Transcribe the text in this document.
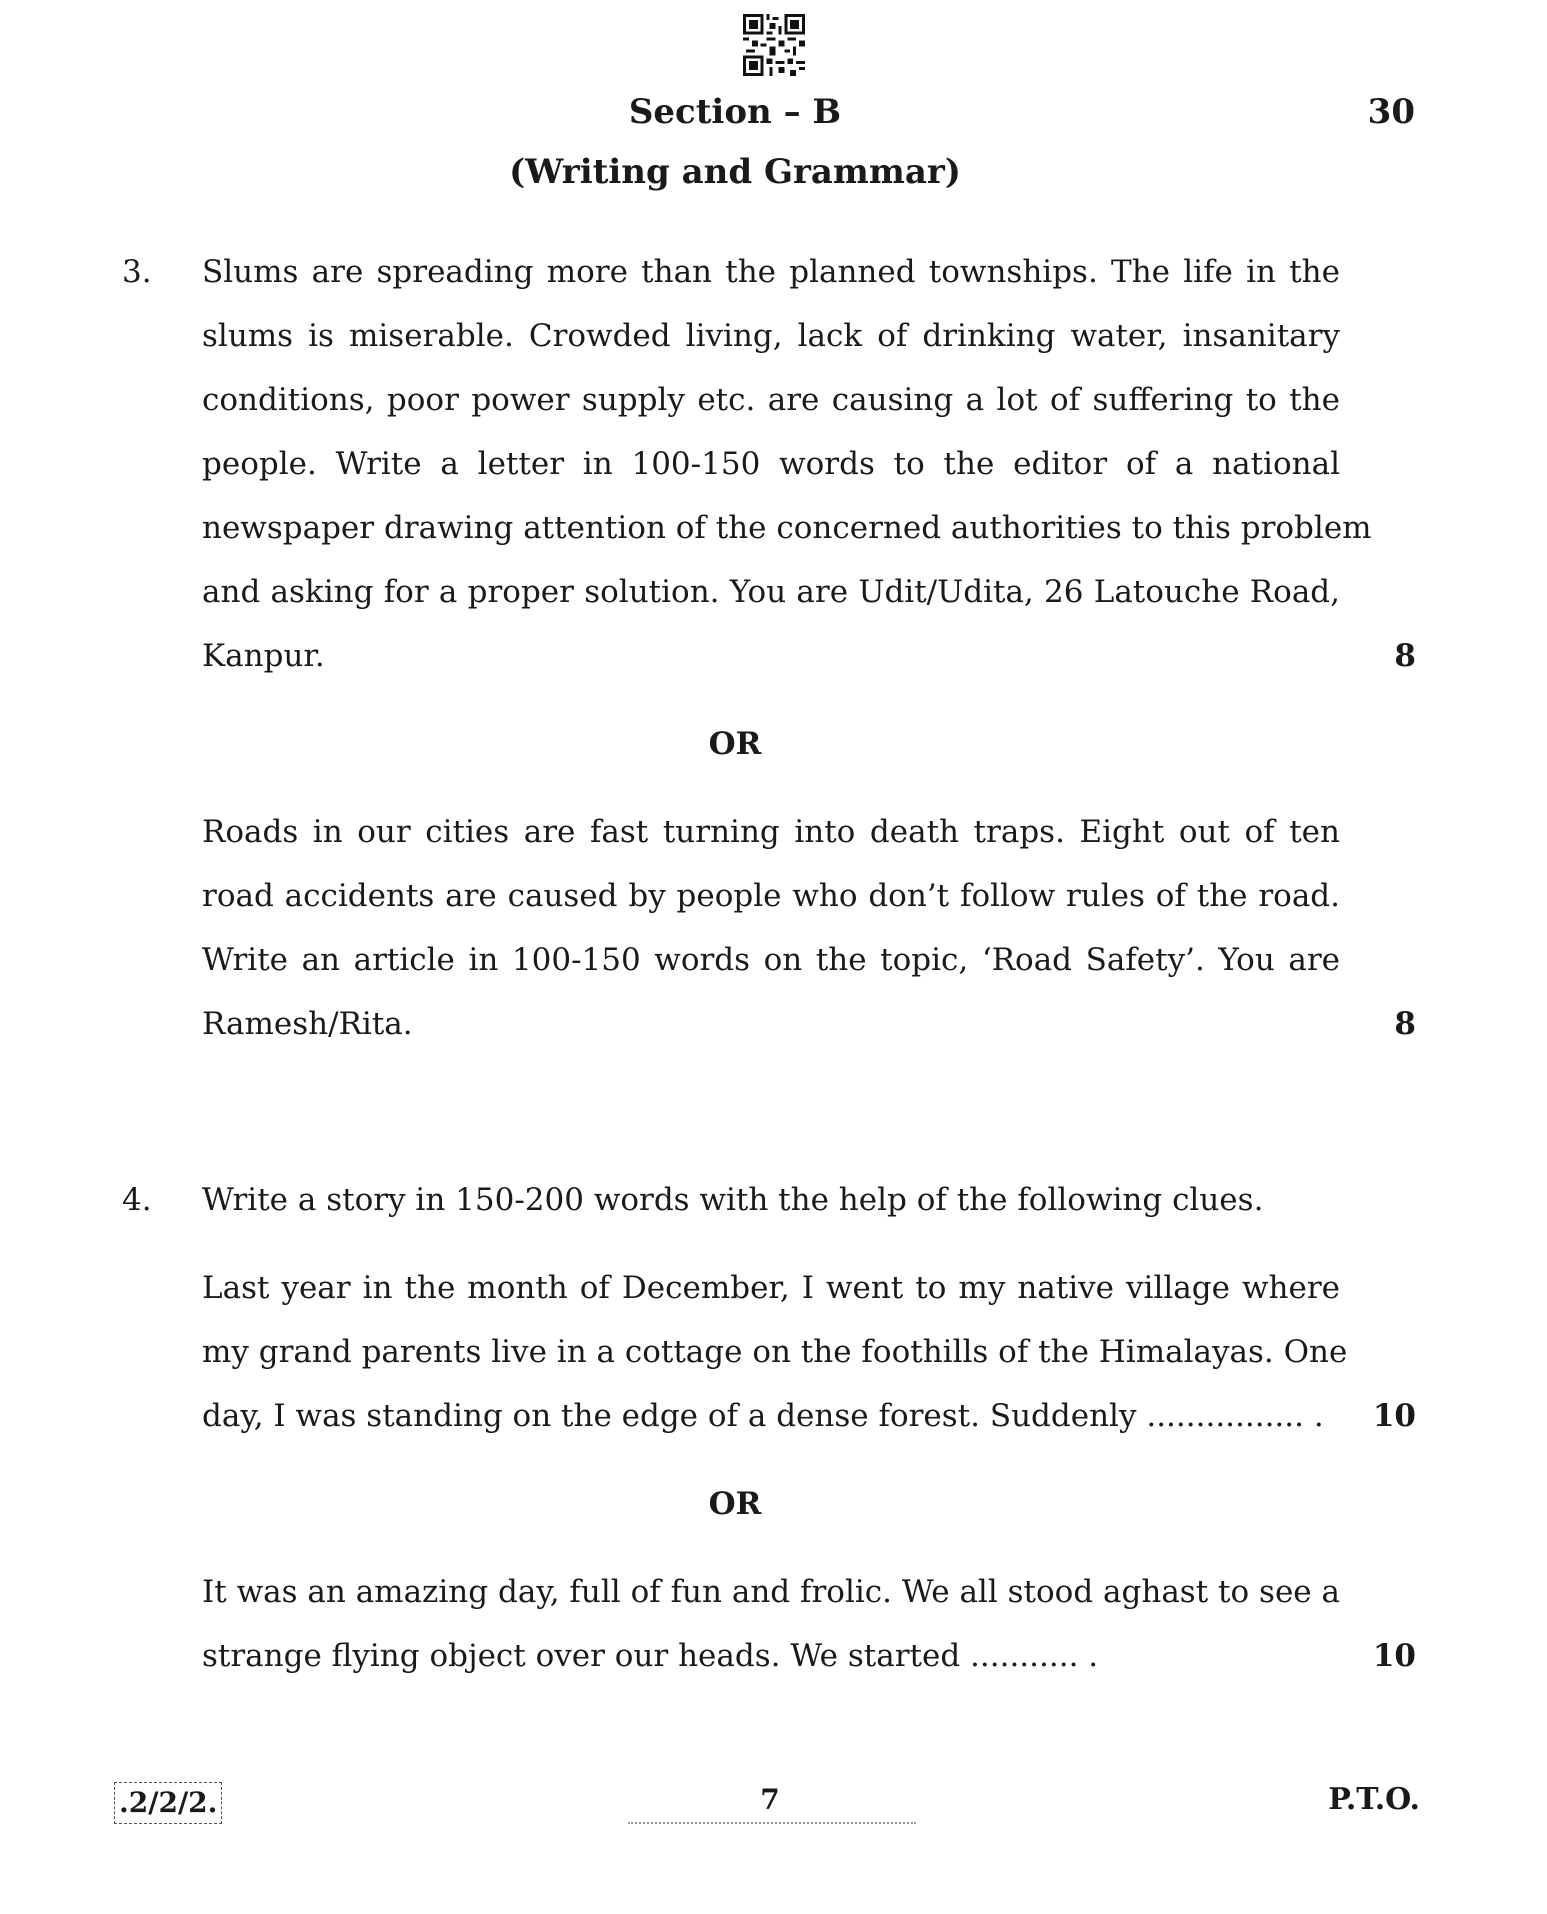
Section – B	30
(Writing and Grammar)
3. Slums are spreading more than the planned townships. The life in the
slums is miserable. Crowded living, lack of drinking water, insanitary
conditions, poor power supply etc. are causing a lot of suffering to the
people. Write a letter in 100-150 words to the editor of a national
newspaper drawing attention of the concerned authorities to this problem
and asking for a proper solution. You are Udit/Udita, 26 Latouche Road,
Kanpur.	8
OR
Roads in our cities are fast turning into death traps. Eight out of ten
road accidents are caused by people who don’t follow rules of the road.
Write an article in 100-150 words on the topic, ‘Road Safety’. You are
Ramesh/Rita.	8
4. Write a story in 150-200 words with the help of the following clues.
Last year in the month of December, I went to my native village where
my grand parents live in a cottage on the foothills of the Himalayas. One
day, I was standing on the edge of a dense forest. Suddenly ................ .	10
OR
It was an amazing day, full of fun and frolic. We all stood aghast to see a
strange flying object over our heads. We started ........... .	10
.2/2/2.	7	P.T.O.
